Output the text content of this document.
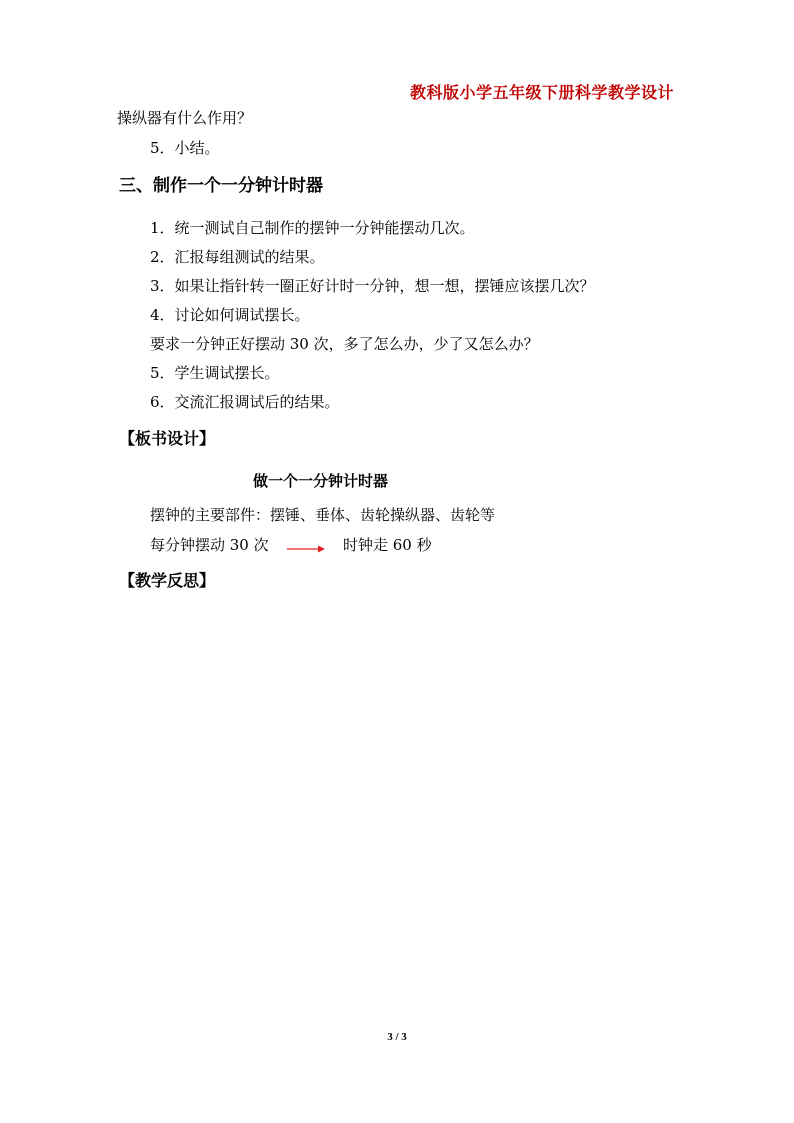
教科版小学五年级下册科学教学设计
操纵器有什么作用？
5．小结。
三、制作一个一分钟计时器
1．统一测试自己制作的摆钟一分钟能摆动几次。
2．汇报每组测试的结果。
3．如果让指针转一圈正好计时一分钟，想一想，摆锤应该摆几次？
4．讨论如何调试摆长。
要求一分钟正好摆动 30 次，多了怎么办，少了又怎么办？
5．学生调试摆长。
6．交流汇报调试后的结果。
【板书设计】
做一个一分钟计时器
摆钟的主要部件：摆锤、垂体、齿轮操纵器、齿轮等
每分钟摆动 30 次	时钟走 60 秒
【教学反思】
3 / 3
